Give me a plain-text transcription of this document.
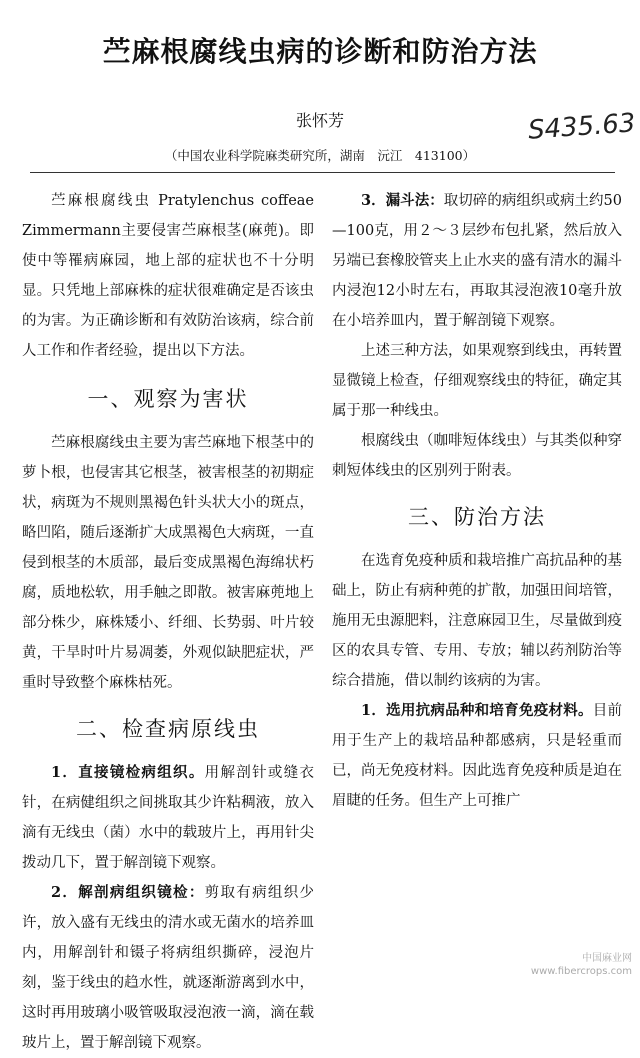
苎麻根腐线虫病的诊断和防治方法
张怀芳	S435.63
（中国农业科学院麻类研究所，湖南　沅江　413100）

苎麻根腐线虫 Pratylenchus coffeae Zimmermann主要侵害苎麻根茎(麻蔸)。即使中等罹病麻园，地上部的症状也不十分明显。只凭地上部麻株的症状很难确定是否该虫的为害。为正确诊断和有效防治该病，综合前人工作和作者经验，提出以下方法。

一、观察为害状

苎麻根腐线虫主要为害苎麻地下根茎中的萝卜根，也侵害其它根茎，被害根茎的初期症状，病斑为不规则黑褐色针头状大小的斑点，略凹陷，随后逐渐扩大成黑褐色大病斑，一直侵到根茎的木质部，最后变成黑褐色海绵状朽腐，质地松软，用手触之即散。被害麻蔸地上部分株少，麻株矮小、纤细、长势弱、叶片较黄，干旱时叶片易凋萎，外观似缺肥症状，严重时导致整个麻株枯死。

二、检查病原线虫

1．直接镜检病组织。用解剖针或缝衣针，在病健组织之间挑取其少许粘稠液，放入滴有无线虫（菌）水中的载玻片上，再用针尖拨动几下，置于解剖镜下观察。

2．解剖病组织镜检：剪取有病组织少许，放入盛有无线虫的清水或无菌水的培养皿内，用解剖针和镊子将病组织撕碎，浸泡片刻，鉴于线虫的趋水性，就逐渐游离到水中，这时再用玻璃小吸管吸取浸泡液一滴，滴在载玻片上，置于解剖镜下观察。

3．漏斗法：取切碎的病组织或病土约50—100克，用２～３层纱布包扎紧，然后放入另端已套橡胶管夹上止水夹的盛有清水的漏斗内浸泡12小时左右，再取其浸泡液10毫升放在小培养皿内，置于解剖镜下观察。

上述三种方法，如果观察到线虫，再转置显微镜上检查，仔细观察线虫的特征，确定其属于那一种线虫。

根腐线虫（咖啡短体线虫）与其类似种穿刺短体线虫的区别列于附表。

三、防治方法

在选育免疫种质和栽培推广高抗品种的基础上，防止有病种蔸的扩散，加强田间培管，施用无虫源肥料，注意麻园卫生，尽量做到疫区的农具专管、专用、专放；辅以药剂防治等综合措施，借以制约该病的为害。

1．选用抗病品种和培育免疫材料。目前用于生产上的栽培品种都感病，只是轻重而已，尚无免疫材料。因此选育免疫种质是迫在眉睫的任务。但生产上可推广

中国麻业网
www.fibercrops.com
